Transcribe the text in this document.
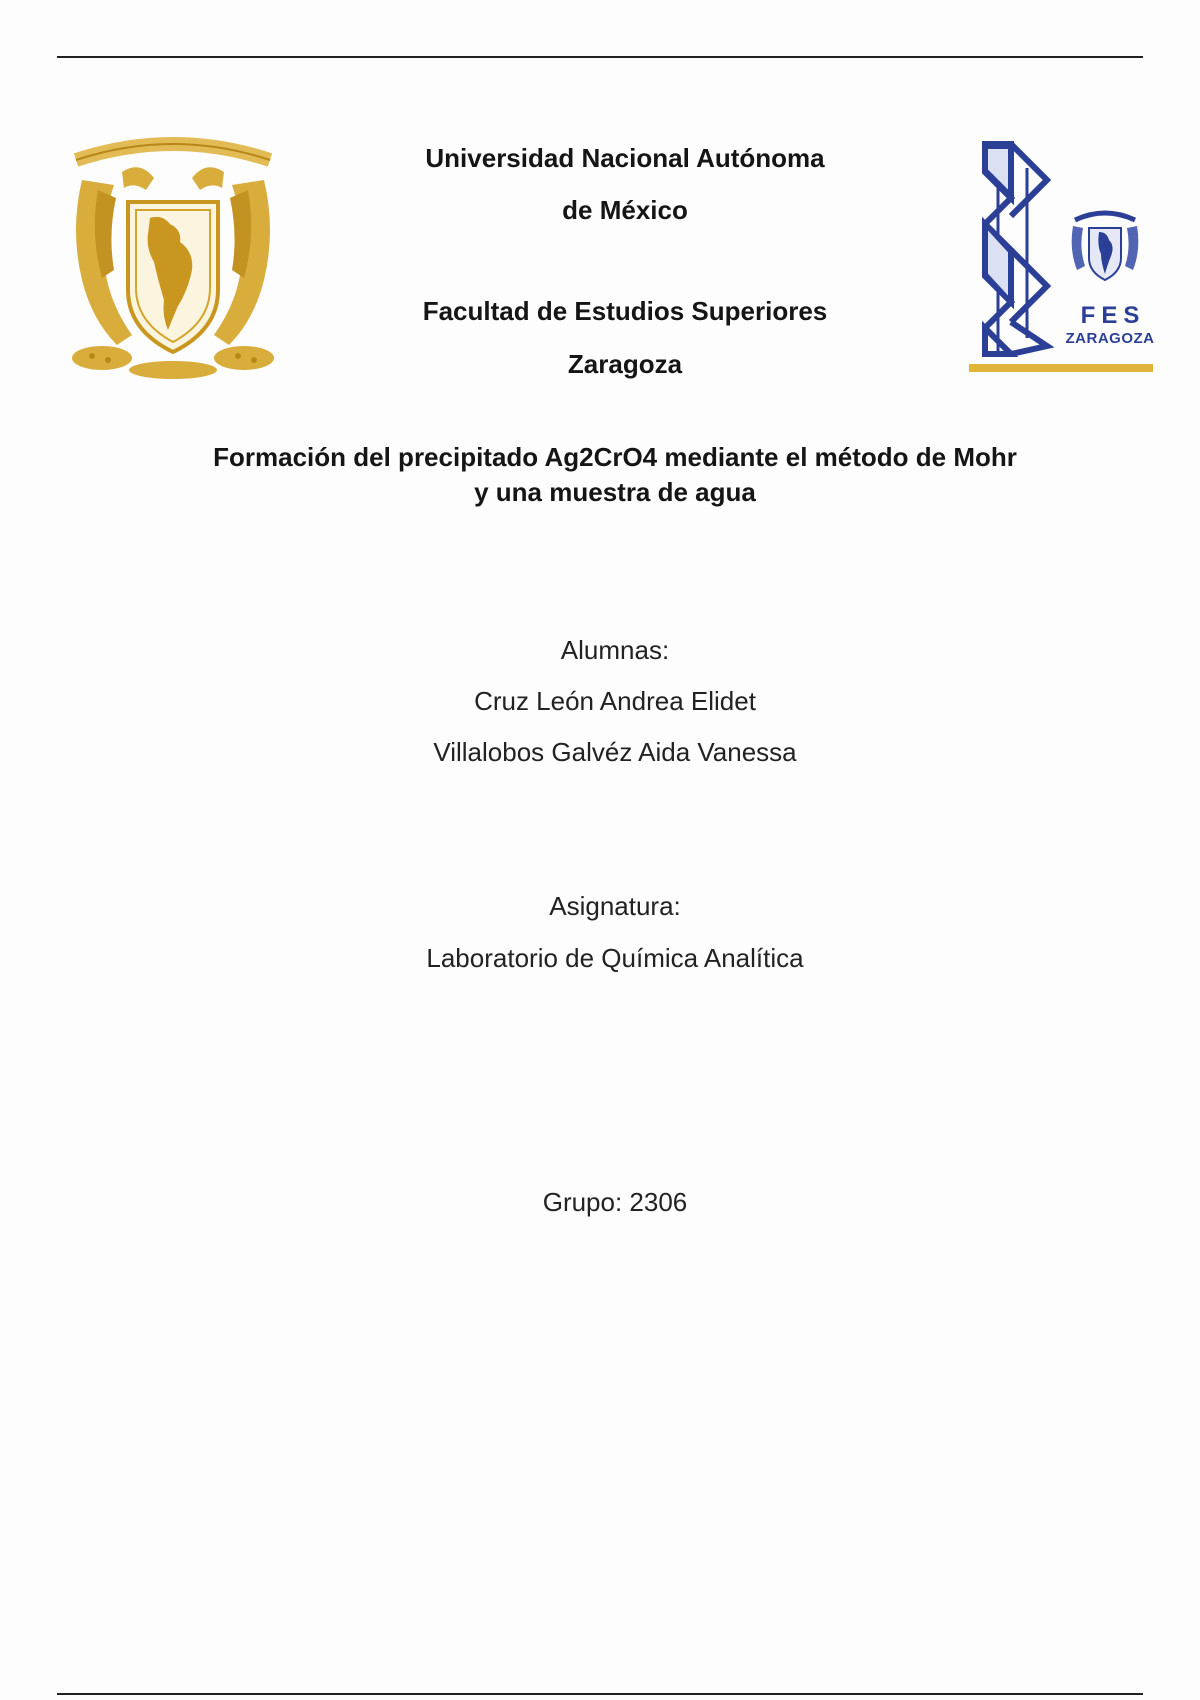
FES
ZARAGOZA
Universidad Nacional Autónoma
de México
Facultad de Estudios Superiores
Zaragoza
Formación del precipitado Ag2CrO4 mediante el método de Mohr
y una muestra de agua
Alumnas:
Cruz León Andrea Elidet
Villalobos Galvéz Aida Vanessa
Asignatura:
Laboratorio de Química Analítica
Grupo: 2306
